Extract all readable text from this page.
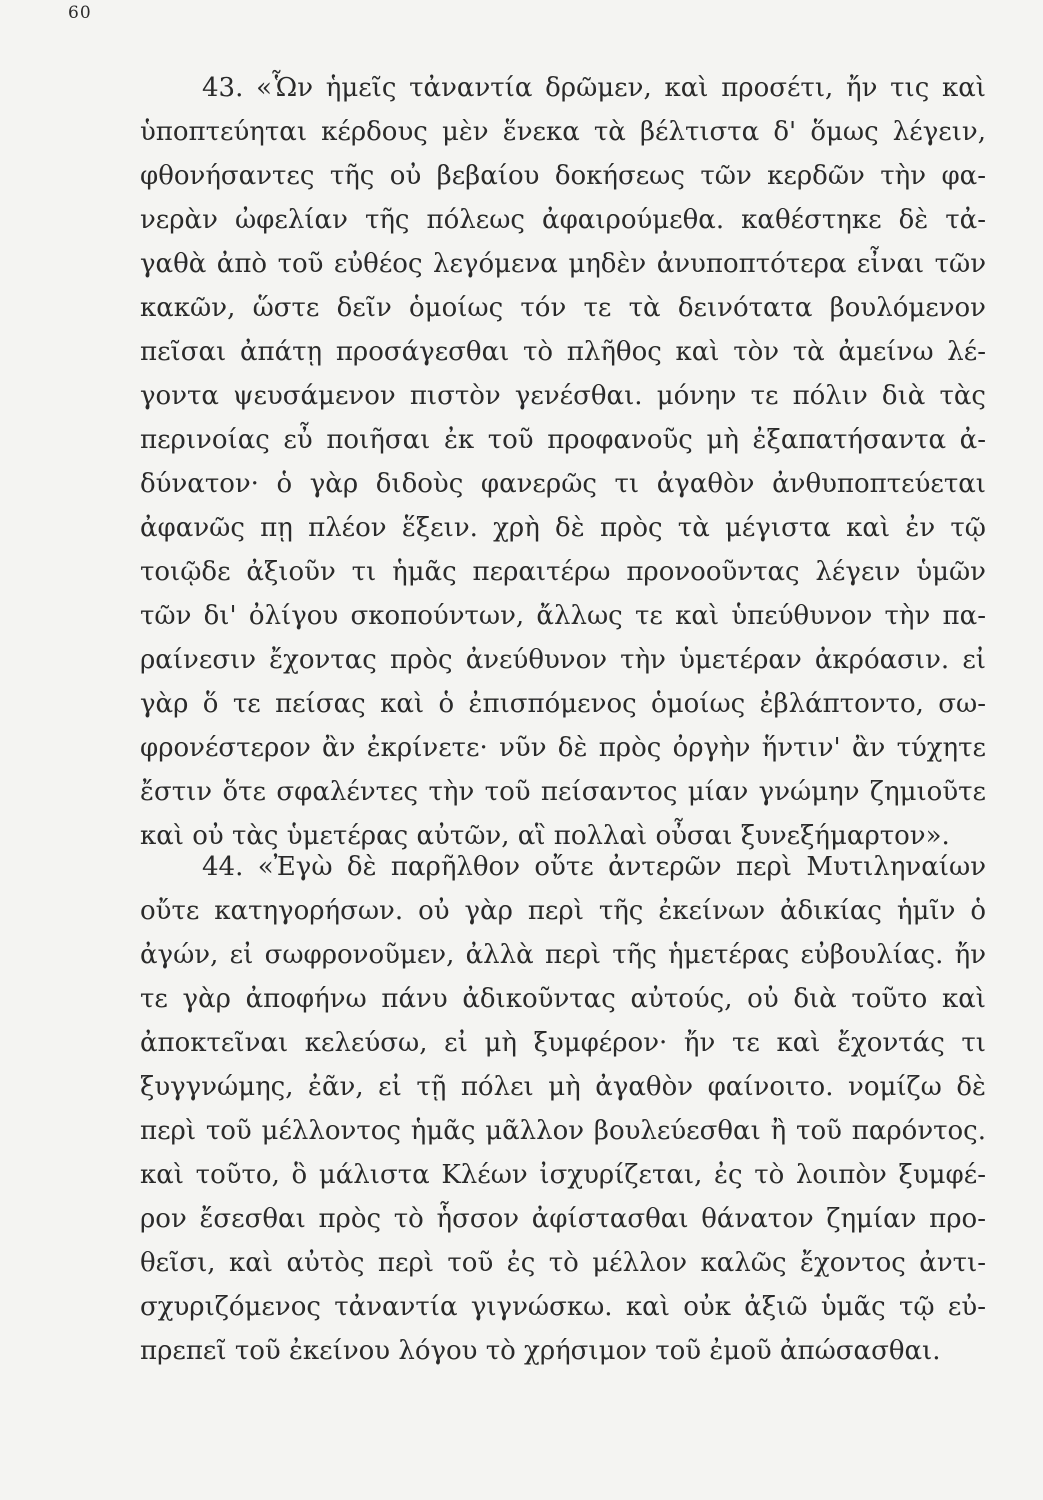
60
43. «Ὧν ἡμεῖς τἀναντία δρῶμεν, καὶ προσέτι, ἤν τις καὶ
ὑποπτεύηται κέρδους μὲν ἕνεκα τὰ βέλτιστα δ' ὅμως λέγειν,
φθονήσαντες τῆς οὐ βεβαίου δοκήσεως τῶν κερδῶν τὴν φα-
νερὰν ὠφελίαν τῆς πόλεως ἀφαιρούμεθα. καθέστηκε δὲ τἀ-
γαθὰ ἀπὸ τοῦ εὐθέος λεγόμενα μηδὲν ἀνυποπτότερα εἶναι τῶν
κακῶν, ὥστε δεῖν ὁμοίως τόν τε τὰ δεινότατα βουλόμενον
πεῖσαι ἀπάτῃ προσάγεσθαι τὸ πλῆθος καὶ τὸν τὰ ἀμείνω λέ-
γοντα ψευσάμενον πιστὸν γενέσθαι. μόνην τε πόλιν διὰ τὰς
περινοίας εὖ ποιῆσαι ἐκ τοῦ προφανοῦς μὴ ἐξαπατήσαντα ἀ-
δύνατον· ὁ γὰρ διδοὺς φανερῶς τι ἀγαθὸν ἀνθυποπτεύεται
ἀφανῶς πῃ πλέον ἕξειν. χρὴ δὲ πρὸς τὰ μέγιστα καὶ ἐν τῷ
τοιῷδε ἀξιοῦν τι ἡμᾶς περαιτέρω προνοοῦντας λέγειν ὑμῶν
τῶν δι' ὀλίγου σκοπούντων, ἄλλως τε καὶ ὑπεύθυνον τὴν πα-
ραίνεσιν ἔχοντας πρὸς ἀνεύθυνον τὴν ὑμετέραν ἀκρόασιν. εἰ
γὰρ ὅ τε πείσας καὶ ὁ ἐπισπόμενος ὁμοίως ἐβλάπτοντο, σω-
φρονέστερον ἂν ἐκρίνετε· νῦν δὲ πρὸς ὀργὴν ἥντιν' ἂν τύχητε
ἔστιν ὅτε σφαλέντες τὴν τοῦ πείσαντος μίαν γνώμην ζημιοῦτε
καὶ οὐ τὰς ὑμετέρας αὐτῶν, αἳ πολλαὶ οὖσαι ξυνεξήμαρτον».
44. «Ἐγὼ δὲ παρῆλθον οὔτε ἀντερῶν περὶ Μυτιληναίων
οὔτε κατηγορήσων. οὐ γὰρ περὶ τῆς ἐκείνων ἀδικίας ἡμῖν ὁ
ἀγών, εἰ σωφρονοῦμεν, ἀλλὰ περὶ τῆς ἡμετέρας εὐβουλίας. ἤν
τε γὰρ ἀποφήνω πάνυ ἀδικοῦντας αὐτούς, οὐ διὰ τοῦτο καὶ
ἀποκτεῖναι κελεύσω, εἰ μὴ ξυμφέρον· ἤν τε καὶ ἔχοντάς τι
ξυγγνώμης, ἐᾶν, εἰ τῇ πόλει μὴ ἀγαθὸν φαίνοιτο. νομίζω δὲ
περὶ τοῦ μέλλοντος ἡμᾶς μᾶλλον βουλεύεσθαι ἢ τοῦ παρόντος.
καὶ τοῦτο, ὃ μάλιστα Κλέων ἰσχυρίζεται, ἐς τὸ λοιπὸν ξυμφέ-
ρον ἔσεσθαι πρὸς τὸ ἧσσον ἀφίστασθαι θάνατον ζημίαν προ-
θεῖσι, καὶ αὐτὸς περὶ τοῦ ἐς τὸ μέλλον καλῶς ἔχοντος ἀντι-
σχυριζόμενος τἀναντία γιγνώσκω. καὶ οὐκ ἀξιῶ ὑμᾶς τῷ εὐ-
πρεπεῖ τοῦ ἐκείνου λόγου τὸ χρήσιμον τοῦ ἐμοῦ ἀπώσασθαι.
